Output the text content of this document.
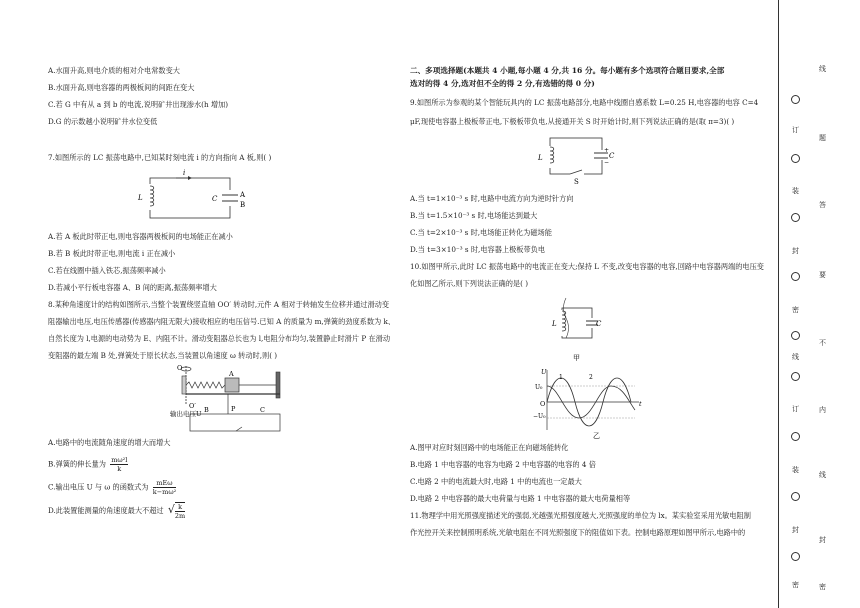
A.水面升高,则电介质的相对介电常数变大
B.水面升高,则电容器的两极板间的间距在变大
C.若 G 中有从 a 到 b 的电流,说明矿井出现渗水(h 增加)
D.G 的示数越小说明矿井水位变低
7.如图所示的 LC 振荡电路中,已知某时刻电流 i 的方向指向 A 板,则( )
i
L	A
B
C
A.若 A 板此时带正电,则电容器两极板间的电场能正在减小
B.若 B 板此时带正电,则电流 i 正在减小
C.若在线圈中插入铁芯,振荡频率减小
D.若减小平行板电容器 A、B 间的距离,振荡频率增大
8.某种角速度计的结构如图所示,当整个装置绕竖直轴 OO′ 转动时,元件 A 相对于转轴发生位移并通过滑动变
阻器输出电压,电压传感器(传感器内阻无限大)接收相应的电压信号.已知 A 的质量为 m,弹簧的劲度系数为 k、
自然长度为 l,电源的电动势为 E、内阻不计。滑动变阻器总长也为 l,电阻分布均匀,装置静止时滑片 P 在滑动
变阻器的最左端 B 处,弹簧处于原长状态,当装置以角速度 ω 转动时,则( )
O
O′
A
输出电压U
P
B	C
A.电路中的电流随角速度的增大而增大
B.弹簧的伸长量为 $\frac{\text{mω²l}}{k}$
C.输出电压 U 与 ω 的函数式为	mEω
k−mω²
D.此装置能测量的角速度最大不超过 √ $\frac{k}{2m}$
二、多项选择题(本题共 4 小题,每小题 4 分,共 16 分。每小题有多个选项符合题目要求,全部
选对的得 4 分,选对但不全的得 2 分,有选错的得 0 分)
9.如图所示为参观的某个智能玩具内的 LC 振荡电路部分,电路中线圈自感系数 L=0.25 H,电容器的电容 C=4
μF,现使电容器上极板带正电,下极板带负电,从接通开关 S 时开始计时,则下列说法正确的是(取 π=3)( )
L
+
−
C
S
A.当 t=1×10⁻³ s 时,电路中电流方向为逆时针方向
B.当 t=1.5×10⁻³ s 时,电场能达到最大
C.当 t=2×10⁻³ s 时,电场能正转化为磁场能
D.当 t=3×10⁻³ s 时,电容器上极板带负电
10.如图甲所示,此时 LC 振荡电路中的电流正在变大;保持 L 不变,改变电容器的电容,回路中电容器两端的电压变
化如图乙所示,则下列说法正确的是( )
L	C
甲
U
t
O
U₀
−U₀
1	2
乙
A.图甲对应时刻回路中的电场能正在向磁场能转化
B.电路 1 中电容器的电容为电路 2 中电容器的电容的 4 倍
C.电路 2 中的电流最大时,电路 1 中的电流也一定最大
D.电路 2 中电容器的最大电荷量与电路 1 中电容器的最大电荷量相等
11.物理学中用光照强度描述光的强弱,光越强光照强度越大,光照强度的单位为 lx。某实验室采用光敏电阻制
作光控开关来控制照明系统,光敏电阻在不同光照强度下的阻值如下表。控制电路原理如图甲所示,电路中的
订
装
封
密
线
订
装
封
密
线
题
答
要
不
内
线
封
密
